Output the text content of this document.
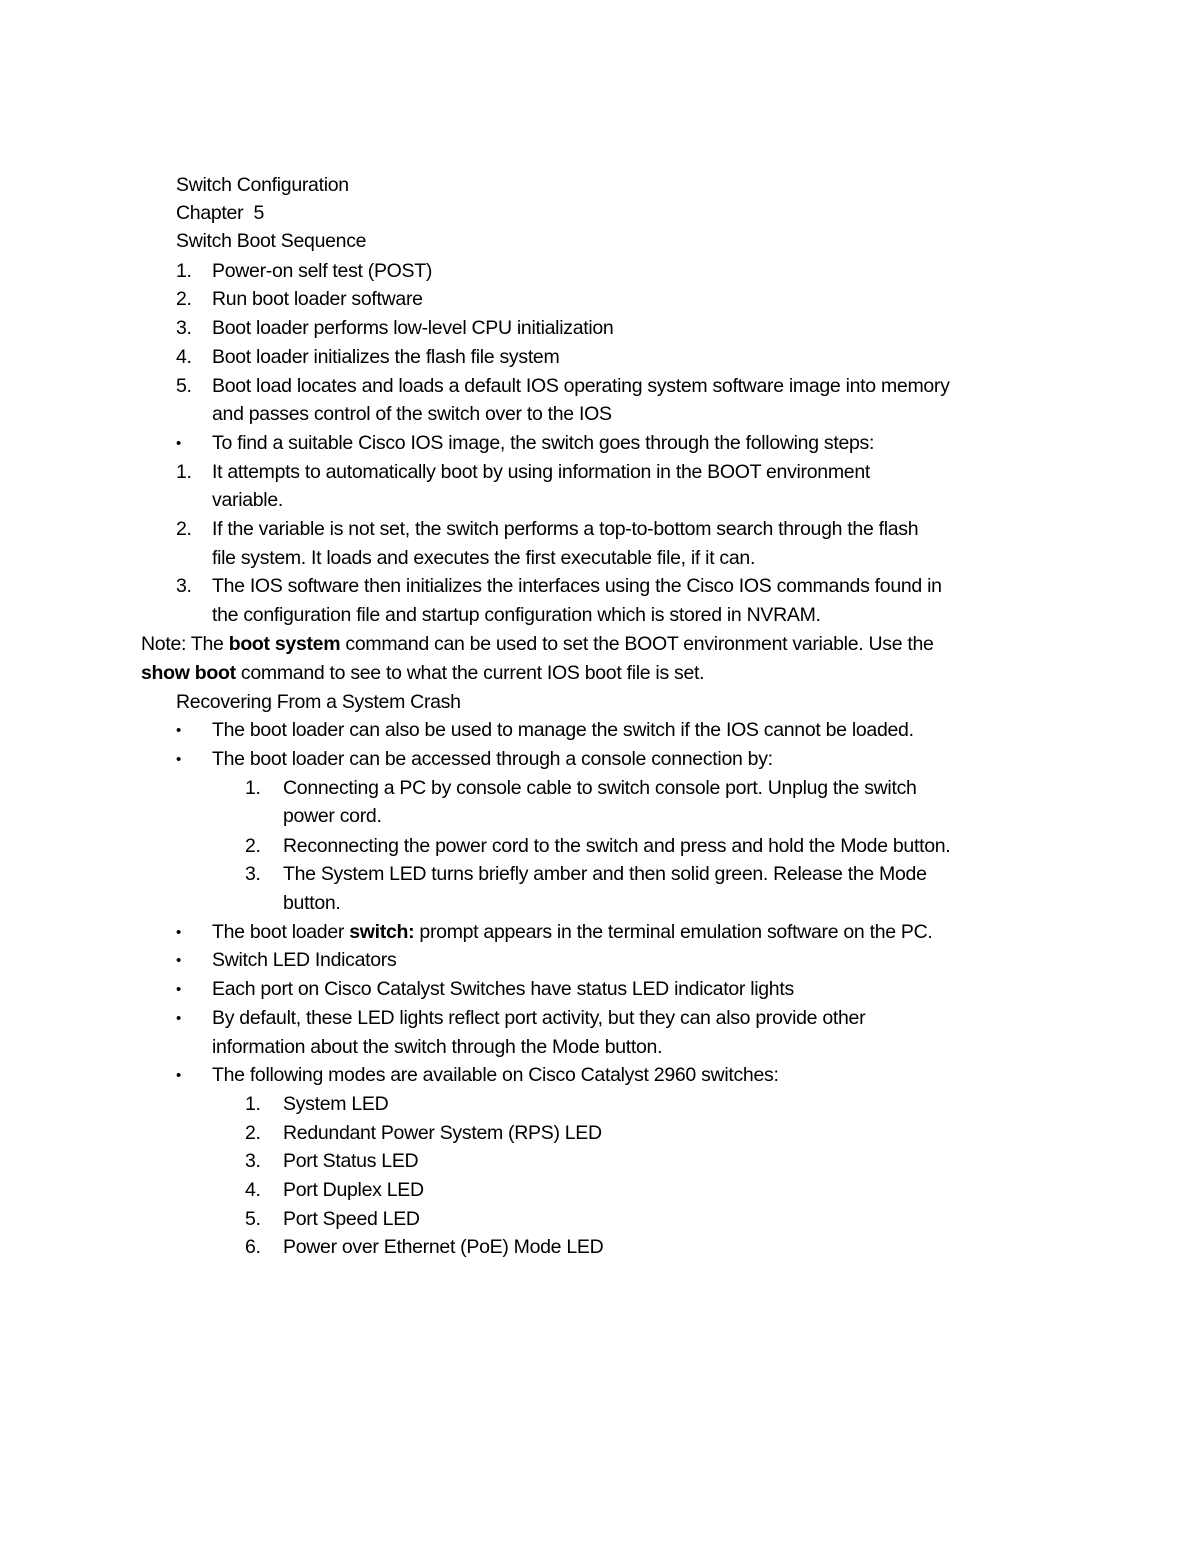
Switch Configuration
Chapter  5
Switch Boot Sequence
1. Power-on self test (POST)
2. Run boot loader software
3. Boot loader performs low-level CPU initialization
4. Boot loader initializes the flash file system
5. Boot load locates and loads a default IOS operating system software image into memory
and passes control of the switch over to the IOS
• To find a suitable Cisco IOS image, the switch goes through the following steps:
1. It attempts to automatically boot by using information in the BOOT environment
variable.
2. If the variable is not set, the switch performs a top-to-bottom search through the flash
file system. It loads and executes the first executable file, if it can.
3. The IOS software then initializes the interfaces using the Cisco IOS commands found in
the configuration file and startup configuration which is stored in NVRAM.
Note: The boot system command can be used to set the BOOT environment variable. Use the
show boot command to see to what the current IOS boot file is set.
Recovering From a System Crash
• The boot loader can also be used to manage the switch if the IOS cannot be loaded.
• The boot loader can be accessed through a console connection by:
1. Connecting a PC by console cable to switch console port. Unplug the switch
power cord.
2. Reconnecting the power cord to the switch and press and hold the Mode button.
3. The System LED turns briefly amber and then solid green. Release the Mode
button.
• The boot loader switch: prompt appears in the terminal emulation software on the PC.
• Switch LED Indicators
• Each port on Cisco Catalyst Switches have status LED indicator lights
• By default, these LED lights reflect port activity, but they can also provide other
information about the switch through the Mode button.
• The following modes are available on Cisco Catalyst 2960 switches:
1. System LED
2. Redundant Power System (RPS) LED
3. Port Status LED
4. Port Duplex LED
5. Port Speed LED
6. Power over Ethernet (PoE) Mode LED
